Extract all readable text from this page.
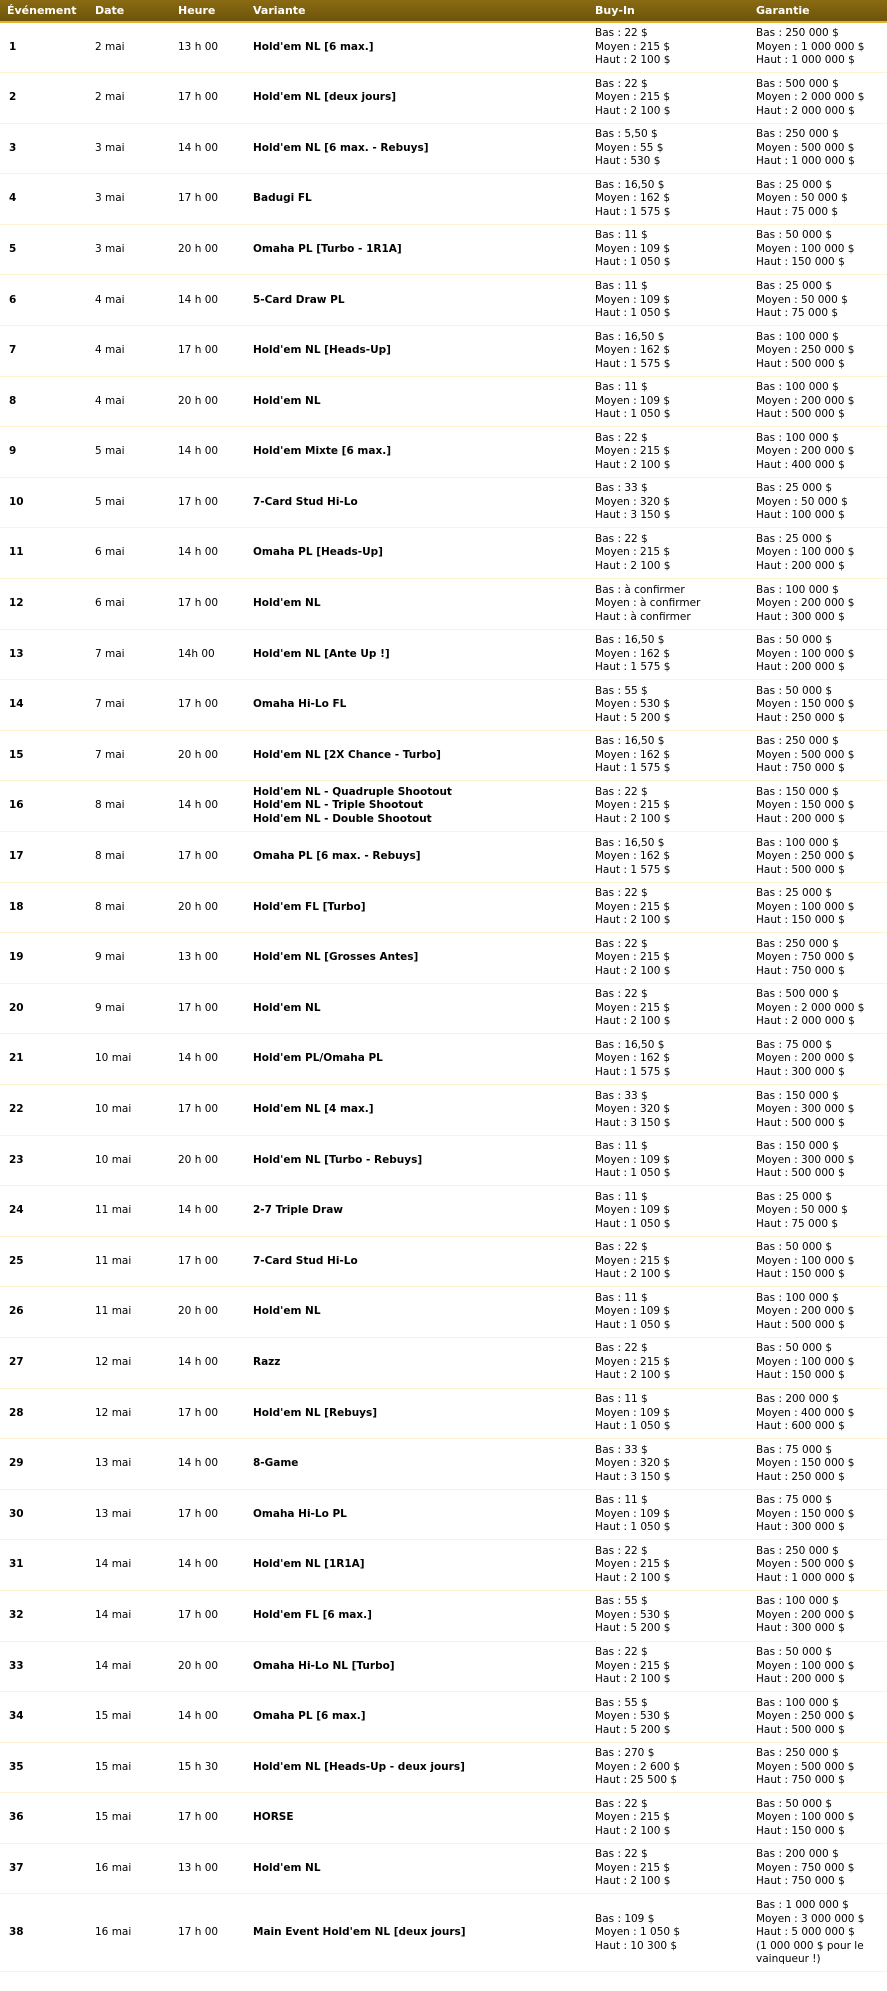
Événement	Date	Heure	Variante	Buy-In	Garantie
1	2 mai	13 h 00	Hold'em NL [6 max.]	Bas : 22 $
Moyen : 215 $
Haut : 2 100 $	Bas : 250 000 $
Moyen : 1 000 000 $
Haut : 1 000 000 $

2	2 mai	17 h 00	Hold'em NL [deux jours]	Bas : 22 $
Moyen : 215 $
Haut : 2 100 $	Bas : 500 000 $
Moyen : 2 000 000 $
Haut : 2 000 000 $

3	3 mai	14 h 00	Hold'em NL [6 max. - Rebuys]	Bas : 5,50 $
Moyen : 55 $
Haut : 530 $	Bas : 250 000 $
Moyen : 500 000 $
Haut : 1 000 000 $

4	3 mai	17 h 00	Badugi FL	Bas : 16,50 $
Moyen : 162 $
Haut : 1 575 $	Bas : 25 000 $
Moyen : 50 000 $
Haut : 75 000 $

5	3 mai	20 h 00	Omaha PL [Turbo - 1R1A]	Bas : 11 $
Moyen : 109 $
Haut : 1 050 $	Bas : 50 000 $
Moyen : 100 000 $
Haut : 150 000 $

6	4 mai	14 h 00	5-Card Draw PL	Bas : 11 $
Moyen : 109 $
Haut : 1 050 $	Bas : 25 000 $
Moyen : 50 000 $
Haut : 75 000 $

7	4 mai	17 h 00	Hold'em NL [Heads-Up]	Bas : 16,50 $
Moyen : 162 $
Haut : 1 575 $	Bas : 100 000 $
Moyen : 250 000 $
Haut : 500 000 $

8	4 mai	20 h 00	Hold'em NL	Bas : 11 $
Moyen : 109 $
Haut : 1 050 $	Bas : 100 000 $
Moyen : 200 000 $
Haut : 500 000 $

9	5 mai	14 h 00	Hold'em Mixte [6 max.]	Bas : 22 $
Moyen : 215 $
Haut : 2 100 $	Bas : 100 000 $
Moyen : 200 000 $
Haut : 400 000 $

10	5 mai	17 h 00	7-Card Stud Hi-Lo	Bas : 33 $
Moyen : 320 $
Haut : 3 150 $	Bas : 25 000 $
Moyen : 50 000 $
Haut : 100 000 $

11	6 mai	14 h 00	Omaha PL [Heads-Up]	Bas : 22 $
Moyen : 215 $
Haut : 2 100 $	Bas : 25 000 $
Moyen : 100 000 $
Haut : 200 000 $

12	6 mai	17 h 00	Hold'em NL	Bas : à confirmer
Moyen : à confirmer
Haut : à confirmer	Bas : 100 000 $
Moyen : 200 000 $
Haut : 300 000 $

13	7 mai	14h 00	Hold'em NL [Ante Up !]	Bas : 16,50 $
Moyen : 162 $
Haut : 1 575 $	Bas : 50 000 $
Moyen : 100 000 $
Haut : 200 000 $

14	7 mai	17 h 00	Omaha Hi-Lo FL	Bas : 55 $
Moyen : 530 $
Haut : 5 200 $	Bas : 50 000 $
Moyen : 150 000 $
Haut : 250 000 $

15	7 mai	20 h 00	Hold'em NL [2X Chance - Turbo]	Bas : 16,50 $
Moyen : 162 $
Haut : 1 575 $	Bas : 250 000 $
Moyen : 500 000 $
Haut : 750 000 $

16	8 mai	14 h 00	Hold'em NL - Quadruple Shootout
Hold'em NL - Triple Shootout
Hold'em NL - Double Shootout	Bas : 22 $
Moyen : 215 $
Haut : 2 100 $	Bas : 150 000 $
Moyen : 150 000 $
Haut : 200 000 $

17	8 mai	17 h 00	Omaha PL [6 max. - Rebuys]	Bas : 16,50 $
Moyen : 162 $
Haut : 1 575 $	Bas : 100 000 $
Moyen : 250 000 $
Haut : 500 000 $

18	8 mai	20 h 00	Hold'em FL [Turbo]	Bas : 22 $
Moyen : 215 $
Haut : 2 100 $	Bas : 25 000 $
Moyen : 100 000 $
Haut : 150 000 $

19	9 mai	13 h 00	Hold'em NL [Grosses Antes]	Bas : 22 $
Moyen : 215 $
Haut : 2 100 $	Bas : 250 000 $
Moyen : 750 000 $
Haut : 750 000 $

20	9 mai	17 h 00	Hold'em NL	Bas : 22 $
Moyen : 215 $
Haut : 2 100 $	Bas : 500 000 $
Moyen : 2 000 000 $
Haut : 2 000 000 $

21	10 mai	14 h 00	Hold'em PL/Omaha PL	Bas : 16,50 $
Moyen : 162 $
Haut : 1 575 $	Bas : 75 000 $
Moyen : 200 000 $
Haut : 300 000 $

22	10 mai	17 h 00	Hold'em NL [4 max.]	Bas : 33 $
Moyen : 320 $
Haut : 3 150 $	Bas : 150 000 $
Moyen : 300 000 $
Haut : 500 000 $

23	10 mai	20 h 00	Hold'em NL [Turbo - Rebuys]	Bas : 11 $
Moyen : 109 $
Haut : 1 050 $	Bas : 150 000 $
Moyen : 300 000 $
Haut : 500 000 $

24	11 mai	14 h 00	2-7 Triple Draw	Bas : 11 $
Moyen : 109 $
Haut : 1 050 $	Bas : 25 000 $
Moyen : 50 000 $
Haut : 75 000 $

25	11 mai	17 h 00	7-Card Stud Hi-Lo	Bas : 22 $
Moyen : 215 $
Haut : 2 100 $	Bas : 50 000 $
Moyen : 100 000 $
Haut : 150 000 $

26	11 mai	20 h 00	Hold'em NL	Bas : 11 $
Moyen : 109 $
Haut : 1 050 $	Bas : 100 000 $
Moyen : 200 000 $
Haut : 500 000 $

27	12 mai	14 h 00	Razz	Bas : 22 $
Moyen : 215 $
Haut : 2 100 $	Bas : 50 000 $
Moyen : 100 000 $
Haut : 150 000 $

28	12 mai	17 h 00	Hold'em NL [Rebuys]	Bas : 11 $
Moyen : 109 $
Haut : 1 050 $	Bas : 200 000 $
Moyen : 400 000 $
Haut : 600 000 $

29	13 mai	14 h 00	8-Game	Bas : 33 $
Moyen : 320 $
Haut : 3 150 $	Bas : 75 000 $
Moyen : 150 000 $
Haut : 250 000 $

30	13 mai	17 h 00	Omaha Hi-Lo PL	Bas : 11 $
Moyen : 109 $
Haut : 1 050 $	Bas : 75 000 $
Moyen : 150 000 $
Haut : 300 000 $

31	14 mai	14 h 00	Hold'em NL [1R1A]	Bas : 22 $
Moyen : 215 $
Haut : 2 100 $	Bas : 250 000 $
Moyen : 500 000 $
Haut : 1 000 000 $

32	14 mai	17 h 00	Hold'em FL [6 max.]	Bas : 55 $
Moyen : 530 $
Haut : 5 200 $	Bas : 100 000 $
Moyen : 200 000 $
Haut : 300 000 $

33	14 mai	20 h 00	Omaha Hi-Lo NL [Turbo]	Bas : 22 $
Moyen : 215 $
Haut : 2 100 $	Bas : 50 000 $
Moyen : 100 000 $
Haut : 200 000 $

34	15 mai	14 h 00	Omaha PL [6 max.]	Bas : 55 $
Moyen : 530 $
Haut : 5 200 $	Bas : 100 000 $
Moyen : 250 000 $
Haut : 500 000 $

35	15 mai	15 h 30	Hold'em NL [Heads-Up - deux jours]	Bas : 270 $
Moyen : 2 600 $
Haut : 25 500 $	Bas : 250 000 $
Moyen : 500 000 $
Haut : 750 000 $

36	15 mai	17 h 00	HORSE	Bas : 22 $
Moyen : 215 $
Haut : 2 100 $	Bas : 50 000 $
Moyen : 100 000 $
Haut : 150 000 $

37	16 mai	13 h 00	Hold'em NL	Bas : 22 $
Moyen : 215 $
Haut : 2 100 $	Bas : 200 000 $
Moyen : 750 000 $
Haut : 750 000 $

38	16 mai	17 h 00	Main Event Hold'em NL [deux jours]	Bas : 109 $
Moyen : 1 050 $
Haut : 10 300 $	Bas : 1 000 000 $
Moyen : 3 000 000 $
Haut : 5 000 000 $
(1 000 000 $ pour le vainqueur !)
